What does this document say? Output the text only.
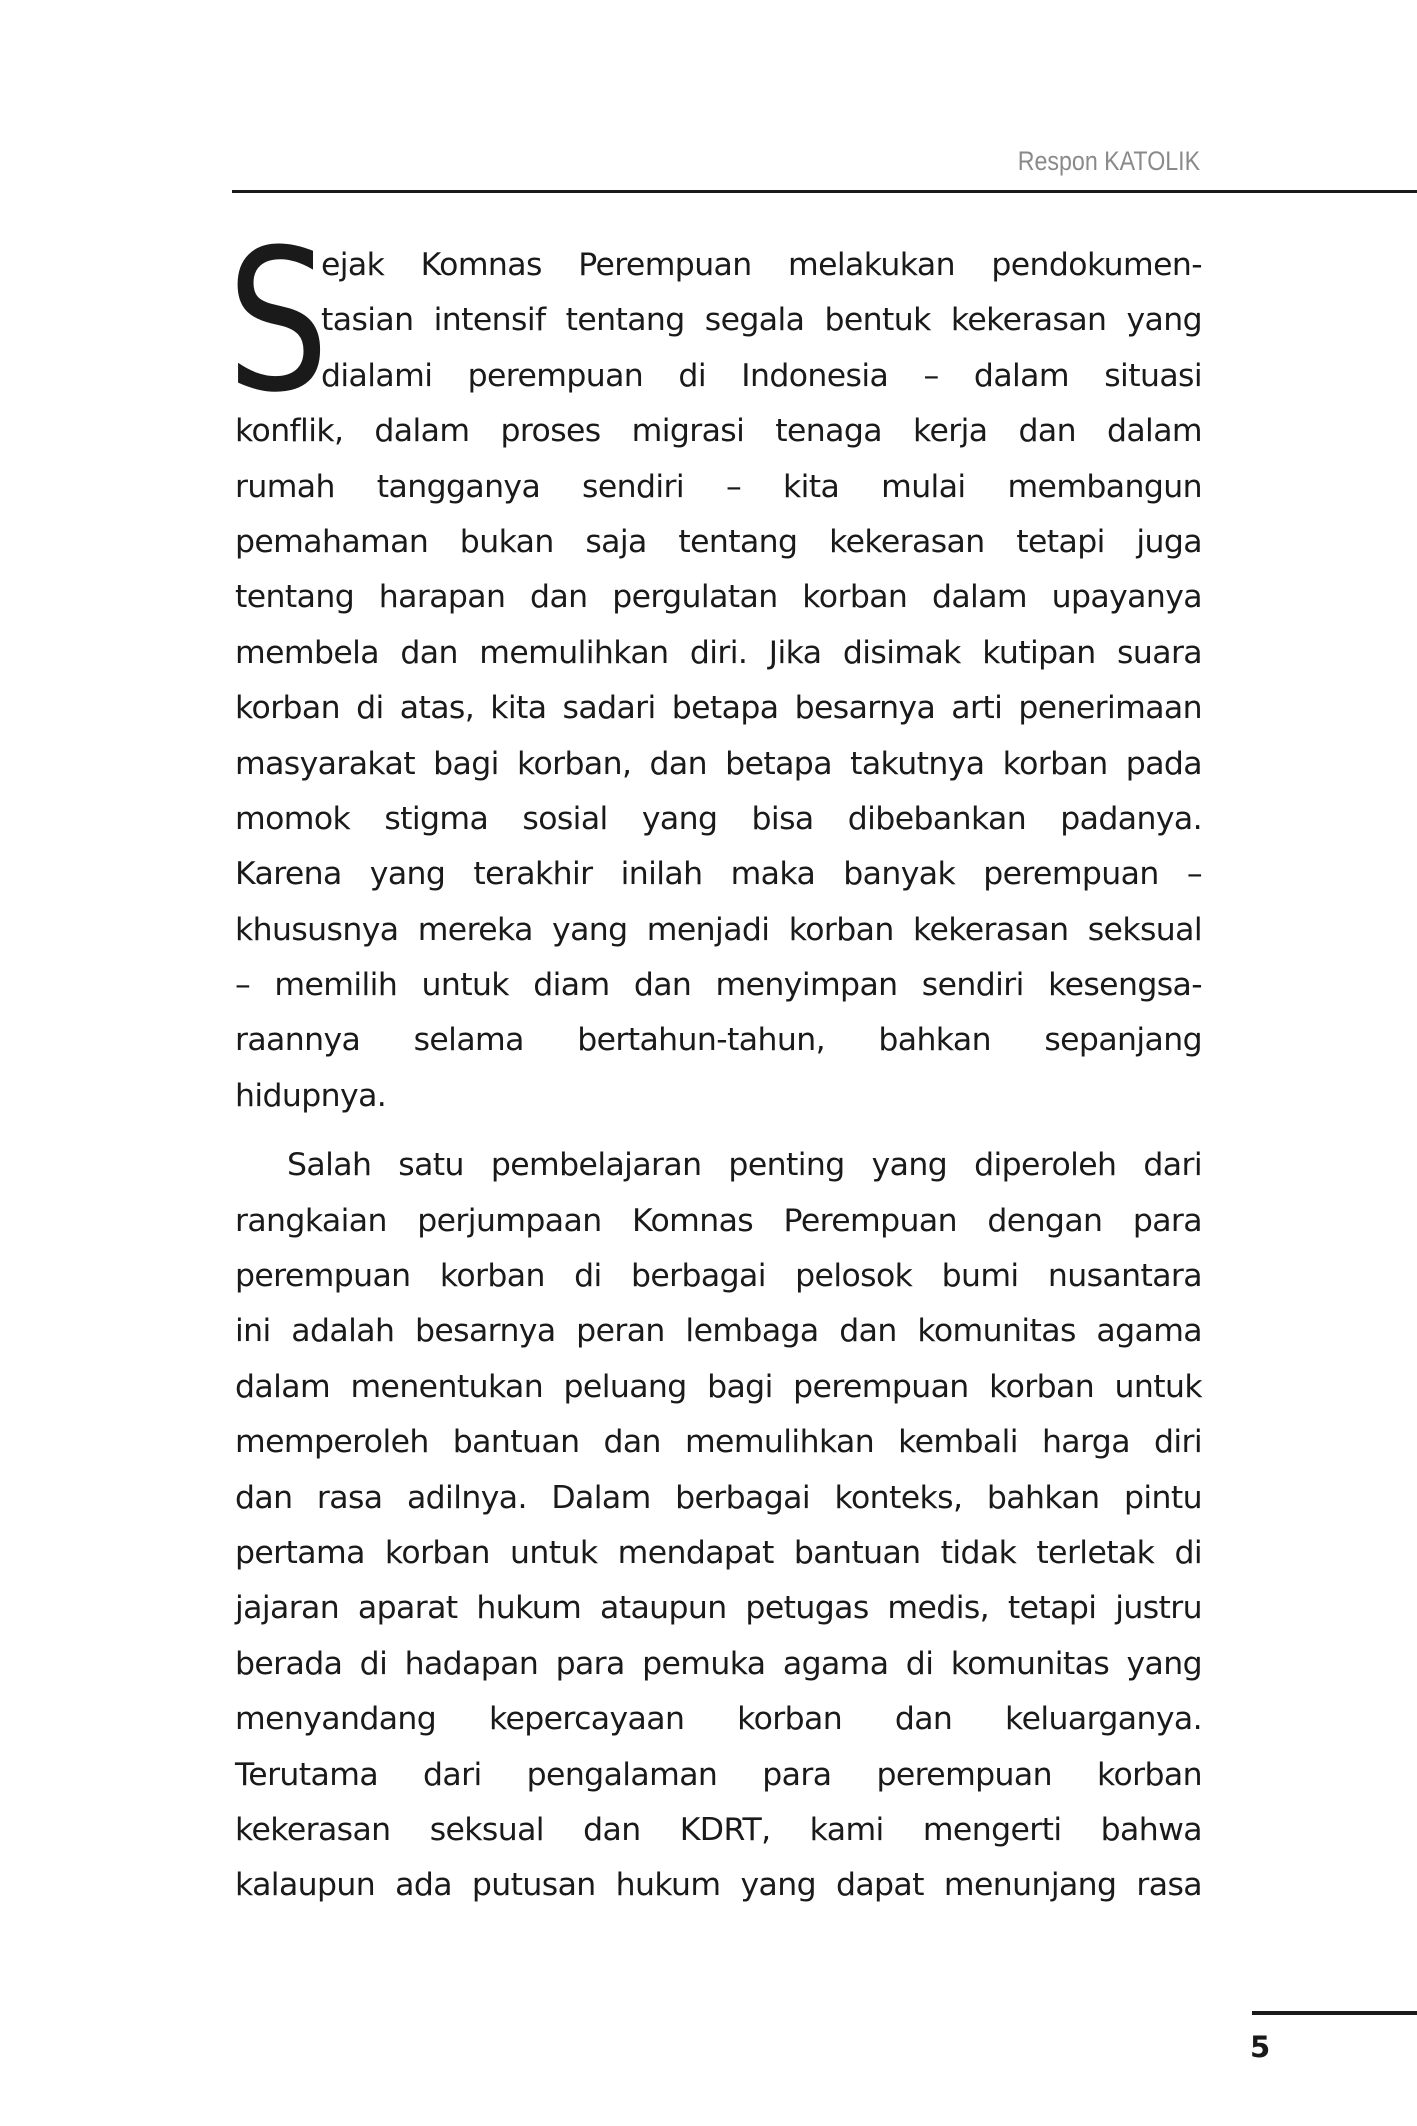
Respon KATOLIK
S
ejak Komnas Perempuan melakukan pendokumen-
tasian intensif tentang segala bentuk kekerasan yang
dialami perempuan di Indonesia – dalam situasi
konflik, dalam proses migrasi tenaga kerja dan dalam
rumah tangganya sendiri – kita mulai membangun
pemahaman bukan saja tentang kekerasan tetapi juga
tentang harapan dan pergulatan korban dalam upayanya
membela dan memulihkan diri. Jika disimak kutipan suara
korban di atas, kita sadari betapa besarnya arti penerimaan
masyarakat bagi korban, dan betapa takutnya korban pada
momok stigma sosial yang bisa dibebankan padanya.
Karena yang terakhir inilah maka banyak perempuan –
khususnya mereka yang menjadi korban kekerasan seksual
– memilih untuk diam dan menyimpan sendiri kesengsa-
raannya selama bertahun-tahun, bahkan sepanjang
hidupnya.
Salah satu pembelajaran penting yang diperoleh dari
rangkaian perjumpaan Komnas Perempuan dengan para
perempuan korban di berbagai pelosok bumi nusantara
ini adalah besarnya peran lembaga dan komunitas agama
dalam menentukan peluang bagi perempuan korban untuk
memperoleh bantuan dan memulihkan kembali harga diri
dan rasa adilnya. Dalam berbagai konteks, bahkan pintu
pertama korban untuk mendapat bantuan tidak terletak di
jajaran aparat hukum ataupun petugas medis, tetapi justru
berada di hadapan para pemuka agama di komunitas yang
menyandang kepercayaan korban dan keluarganya.
Terutama dari pengalaman para perempuan korban
kekerasan seksual dan KDRT, kami mengerti bahwa
kalaupun ada putusan hukum yang dapat menunjang rasa
5
